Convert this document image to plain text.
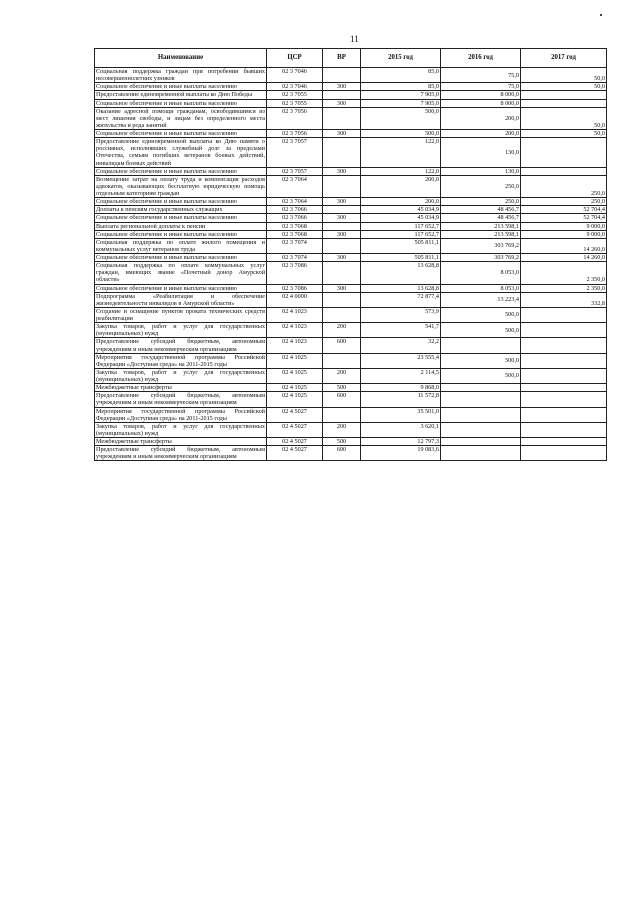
11
Наименование	ЦСР	ВР	2015 год	2016 год	2017 год
Социальная поддержка граждан при погребении бывших несовершеннолетних узников	02 3 7046		85,0	75,0	50,0
Социальное обеспечение и иные выплаты населению	02 3 7046	300	85,0	75,0	50,0
Предоставление единовременной выплаты ко Дню Победы	02 3 7055		7 905,0	8 000,0	
Социальное обеспечение и иные выплаты населению	02 3 7055	300	7 905,0	8 000,0	
Оказание адресной помощи гражданам, освободившимся из мест лишения свободы, и лицам без определенного места жительства и рода занятий	02 3 7056		500,0	200,0	50,0
Социальное обеспечение и иные выплаты населению	02 3 7056	300	500,0	200,0	50,0
Предоставление единовременной выплаты ко Дню памяти о россиянах, исполнявших служебный долг за пределами Отечества, семьям погибших ветеранов боевых действий, инвалидам боевых действий	02 3 7057		122,0	130,0	
Социальное обеспечение и иные выплаты населению	02 3 7057	300	122,0	130,0	
Возмещение затрат на оплату труда и компенсация расходов адвокатов, оказывающих бесплатную юридическую помощь отдельным категориям граждан	02 3 7064		200,0	250,0	250,0
Социальное обеспечение и иные выплаты населению	02 3 7064	300	200,0	250,0	250,0
Доплаты к пенсиям государственных служащих	02 3 7066		45 034,9	48 456,7	52 704,4
Социальное обеспечение и иные выплаты населению	02 3 7066	300	45 034,9	48 456,7	52 704,4
Выплата региональной доплаты к пенсии	02 3 7068		117 652,7	213 598,1	9 000,0
Социальное обеспечение и иные выплаты населению	02 3 7068	300	117 652,7	213 598,1	9 000,0
Социальная поддержка по оплате жилого помещения и коммунальных услуг ветеранов труда	02 3 7074		505 811,1	303 769,2	14 260,0
Социальное обеспечение и иные выплаты населению	02 3 7074	300	505 811,1	303 769,2	14 260,0
Социальная поддержка по оплате коммунальных услуг граждан, имеющих звание «Почетный донор Амурской области»	02 3 7086		13 628,8	8 053,0	2 350,0
Социальное обеспечение и иные выплаты населению	02 3 7086	300	13 628,8	8 053,0	2 350,0
Подпрограмма «Реабилитация и обеспечение жизнедеятельности инвалидов в Амурской области»	02 4 0000		72 877,4	13 223,4	332,8
Создание и оснащение пунктов проката технических средств реабилитации	02 4 1023		573,9	500,0	
Закупка товаров, работ и услуг для государственных (муниципальных) нужд	02 4 1023	200	541,7	500,0	
Предоставление субсидий бюджетным, автономным учреждениям и иным некоммерческим организациям	02 4 1023	600	32,2		
Мероприятия государственной программы Российской Федерации «Доступная среда» на 2011-2015 годы	02 4 1025		23 555,4	500,0	
Закупка товаров, работ и услуг для государственных (муниципальных) нужд	02 4 1025	200	2 114,5	500,0	
Межбюджетные трансферты	02 4 1025	500	9 868,0		
Предоставление субсидий бюджетным, автономным учреждениям и иным некоммерческим организациям	02 4 1025	600	11 572,8		
Мероприятия государственной программы Российской Федерации «Доступная среда» на 2011-2015 годы	02 4 5027		35 501,0		
Закупка товаров, работ и услуг для государственных (муниципальных) нужд	02 4 5027	200	3 620,1		
Межбюджетные трансферты	02 4 5027	500	12 797,3		
Предоставление субсидий бюджетным, автономным учреждениям и иным некоммерческим организациям	02 4 5027	600	19 083,6		
